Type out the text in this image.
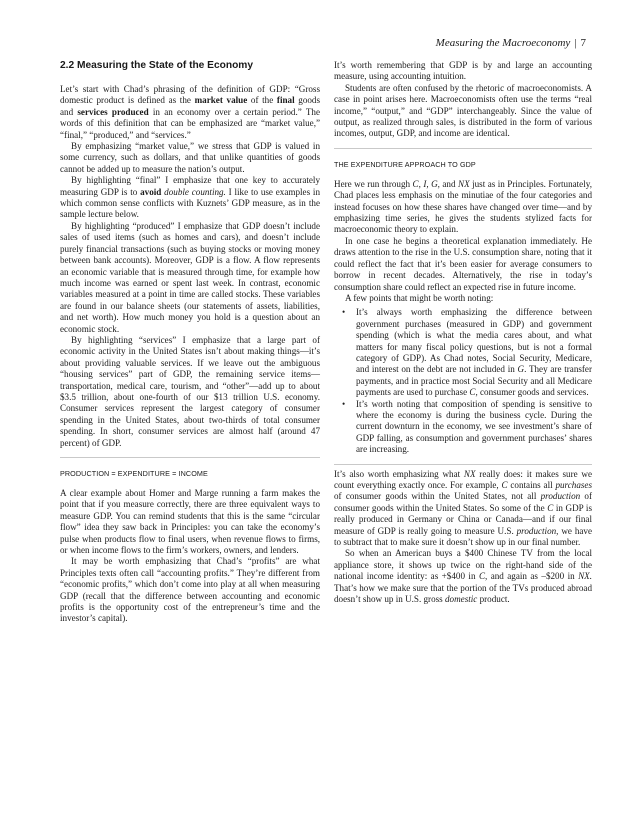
Measuring the Macroeconomy | 7
2.2 Measuring the State of the Economy

Let’s start with Chad’s phrasing of the definition of GDP: “Gross domestic product is defined as the market value of the final goods and services produced in an economy over a certain period.” The words of this definition that can be emphasized are “market value,” “final,” “produced,” and “services.”

By emphasizing “market value,” we stress that GDP is valued in some currency, such as dollars, and that unlike quantities of goods cannot be added up to measure the nation’s output.

By highlighting “final” I emphasize that one key to accurately measuring GDP is to avoid double counting. I like to use examples in which common sense conflicts with Kuznets’ GDP measure, as in the sample lecture below.

By highlighting “produced” I emphasize that GDP doesn’t include sales of used items (such as homes and cars), and doesn’t include purely financial transactions (such as buying stocks or moving money between bank accounts). Moreover, GDP is a flow. A flow represents an economic variable that is measured through time, for example how much income was earned or spent last week. In contrast, economic variables measured at a point in time are called stocks. These variables are found in our balance sheets (our statements of assets, liabilities, and net worth). How much money you hold is a question about an economic stock.

By highlighting “services” I emphasize that a large part of economic activity in the United States isn’t about making things—it’s about providing valuable services. If we leave out the ambiguous “housing services” part of GDP, the remaining service items—transportation, medical care, tourism, and “other”—add up to about $3.5 trillion, about one-fourth of our $13 trillion U.S. economy. Consumer services represent the largest category of consumer spending in the United States, about two-thirds of total consumer spending. In short, consumer services are almost half (around 47 percent) of GDP.

PRODUCTION = EXPENDITURE = INCOME

A clear example about Homer and Marge running a farm makes the point that if you measure correctly, there are three equivalent ways to measure GDP. You can remind students that this is the same “circular flow” idea they saw back in Principles: you can take the economy’s pulse when products flow to final users, when revenue flows to firms, or when income flows to the firm’s workers, owners, and lenders.

It may be worth emphasizing that Chad’s “profits” are what Principles texts often call “accounting profits.” They’re different from “economic profits,” which don’t come into play at all when measuring GDP (recall that the difference between accounting and economic profits is the opportunity cost of the entrepreneur’s time and the investor’s capital).

It’s worth remembering that GDP is by and large an accounting measure, using accounting intuition.

Students are often confused by the rhetoric of macroeconomists. A case in point arises here. Macroeconomists often use the terms “real income,” “output,” and “GDP” interchangeably. Since the value of output, as realized through sales, is distributed in the form of various incomes, output, GDP, and income are identical.

THE EXPENDITURE APPROACH TO GDP

Here we run through C, I, G, and NX just as in Principles. Fortunately, Chad places less emphasis on the minutiae of the four categories and instead focuses on how these shares have changed over time—and by emphasizing time series, he gives the students stylized facts for macroeconomic theory to explain.

In one case he begins a theoretical explanation immediately. He draws attention to the rise in the U.S. consumption share, noting that it could reflect the fact that it’s been easier for average consumers to borrow in recent decades. Alternatively, the rise in today’s consumption share could reflect an expected rise in future income.

A few points that might be worth noting:

• It’s always worth emphasizing the difference between government purchases (measured in GDP) and government spending (which is what the media cares about, and what matters for many fiscal policy questions, but is not a formal category of GDP). As Chad notes, Social Security, Medicare, and interest on the debt are not included in G. They are transfer payments, and in practice most Social Security and all Medicare payments are used to purchase C, consumer goods and services.
• It’s worth noting that composition of spending is sensitive to where the economy is during the business cycle. During the current downturn in the economy, we see investment’s share of GDP falling, as consumption and government purchases’ shares are increasing.

It’s also worth emphasizing what NX really does: it makes sure we count everything exactly once. For example, C contains all purchases of consumer goods within the United States, not all production of consumer goods within the United States. So some of the C in GDP is really produced in Germany or China or Canada—and if our final measure of GDP is really going to measure U.S. production, we have to subtract that to make sure it doesn’t show up in our final number.

So when an American buys a $400 Chinese TV from the local appliance store, it shows up twice on the right-hand side of the national income identity: as +$400 in C, and again as –$200 in NX. That’s how we make sure that the portion of the TVs produced abroad doesn’t show up in U.S. gross domestic product.
